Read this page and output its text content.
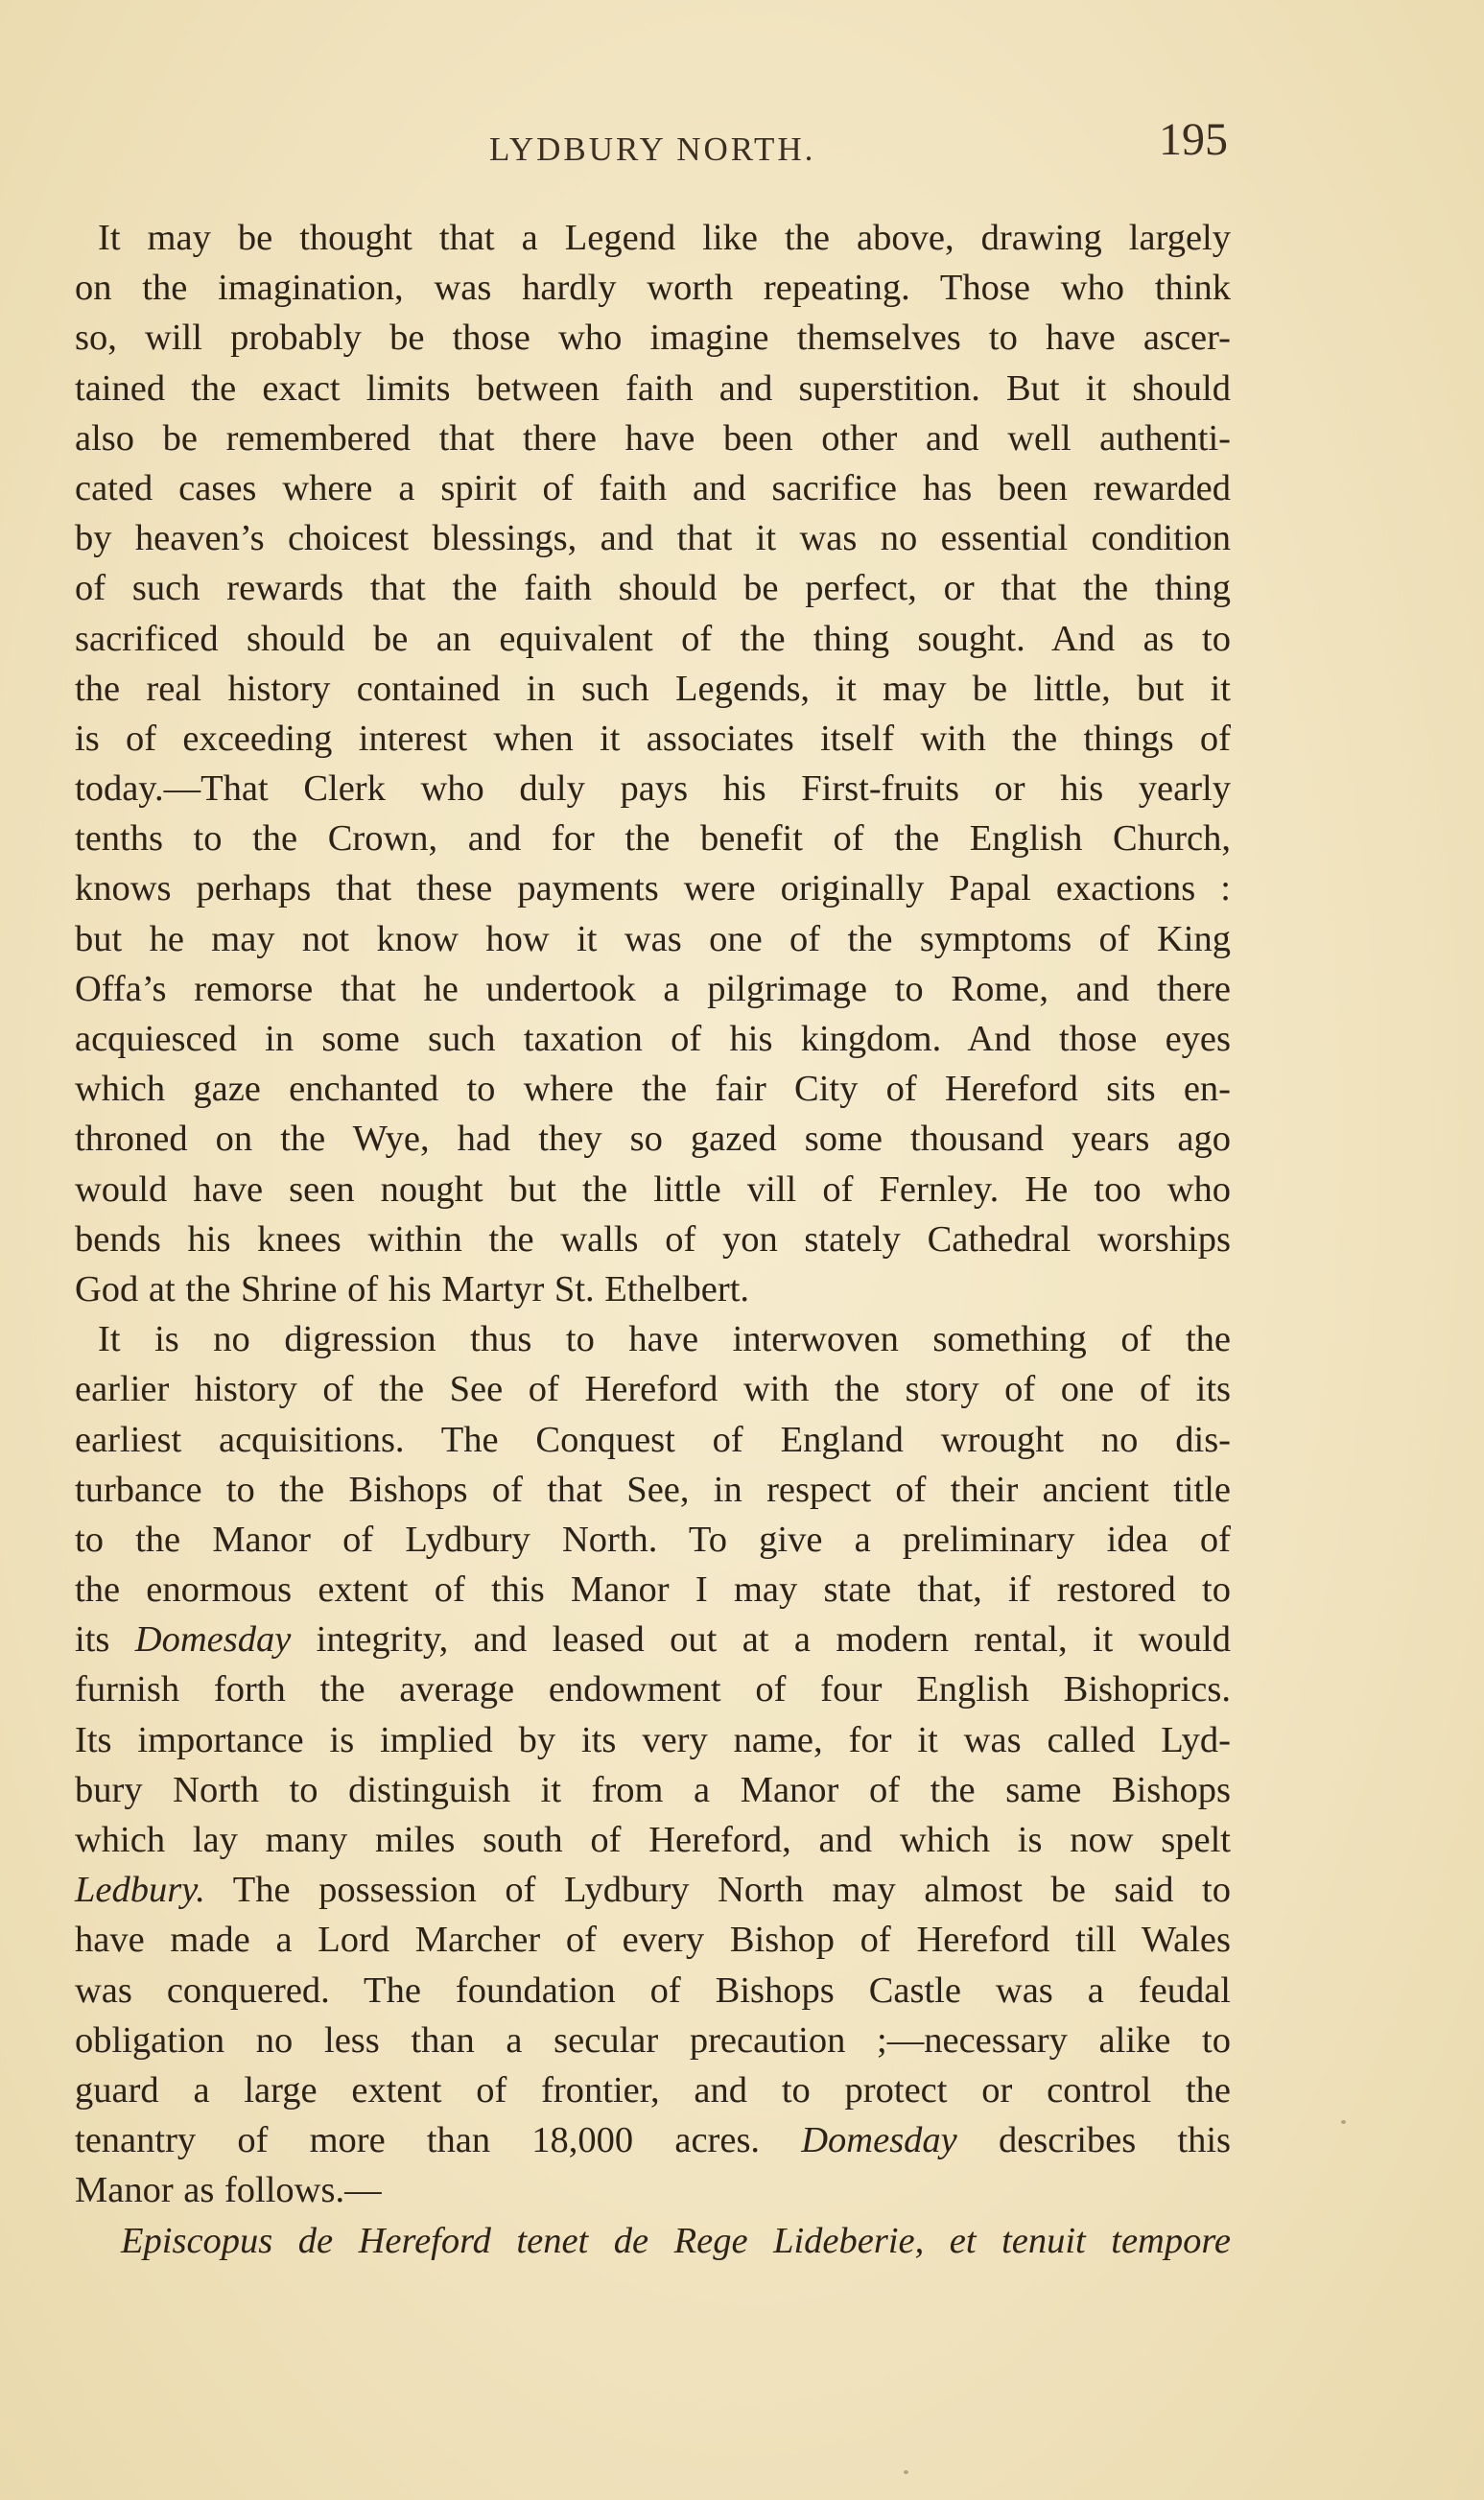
LYDBURY NORTH.	195
It may be thought that a Legend like the above, drawing largely
on the imagination, was hardly worth repeating. Those who think
so, will probably be those who imagine themselves to have ascer-
tained the exact limits between faith and superstition. But it should
also be remembered that there have been other and well authenti-
cated cases where a spirit of faith and sacrifice has been rewarded
by heaven’s choicest blessings, and that it was no essential condition
of such rewards that the faith should be perfect, or that the thing
sacrificed should be an equivalent of the thing sought. And as to
the real history contained in such Legends, it may be little, but it
is of exceeding interest when it associates itself with the things of
today.—That Clerk who duly pays his First-fruits or his yearly
tenths to the Crown, and for the benefit of the English Church,
knows perhaps that these payments were originally Papal exactions :
but he may not know how it was one of the symptoms of King
Offa’s remorse that he undertook a pilgrimage to Rome, and there
acquiesced in some such taxation of his kingdom. And those eyes
which gaze enchanted to where the fair City of Hereford sits en-
throned on the Wye, had they so gazed some thousand years ago
would have seen nought but the little vill of Fernley. He too who
bends his knees within the walls of yon stately Cathedral worships
God at the Shrine of his Martyr St. Ethelbert.
It is no digression thus to have interwoven something of the
earlier history of the See of Hereford with the story of one of its
earliest acquisitions. The Conquest of England wrought no dis-
turbance to the Bishops of that See, in respect of their ancient title
to the Manor of Lydbury North. To give a preliminary idea of
the enormous extent of this Manor I may state that, if restored to
its Domesday integrity, and leased out at a modern rental, it would
furnish forth the average endowment of four English Bishoprics.
Its importance is implied by its very name, for it was called Lyd-
bury North to distinguish it from a Manor of the same Bishops
which lay many miles south of Hereford, and which is now spelt
Ledbury. The possession of Lydbury North may almost be said to
have made a Lord Marcher of every Bishop of Hereford till Wales
was conquered. The foundation of Bishops Castle was a feudal
obligation no less than a secular precaution ;—necessary alike to
guard a large extent of frontier, and to protect or control the
tenantry of more than 18,000 acres. Domesday describes this
Manor as follows.—
Episcopus de Hereford tenet de Rege Lideberie, et tenuit tempore
